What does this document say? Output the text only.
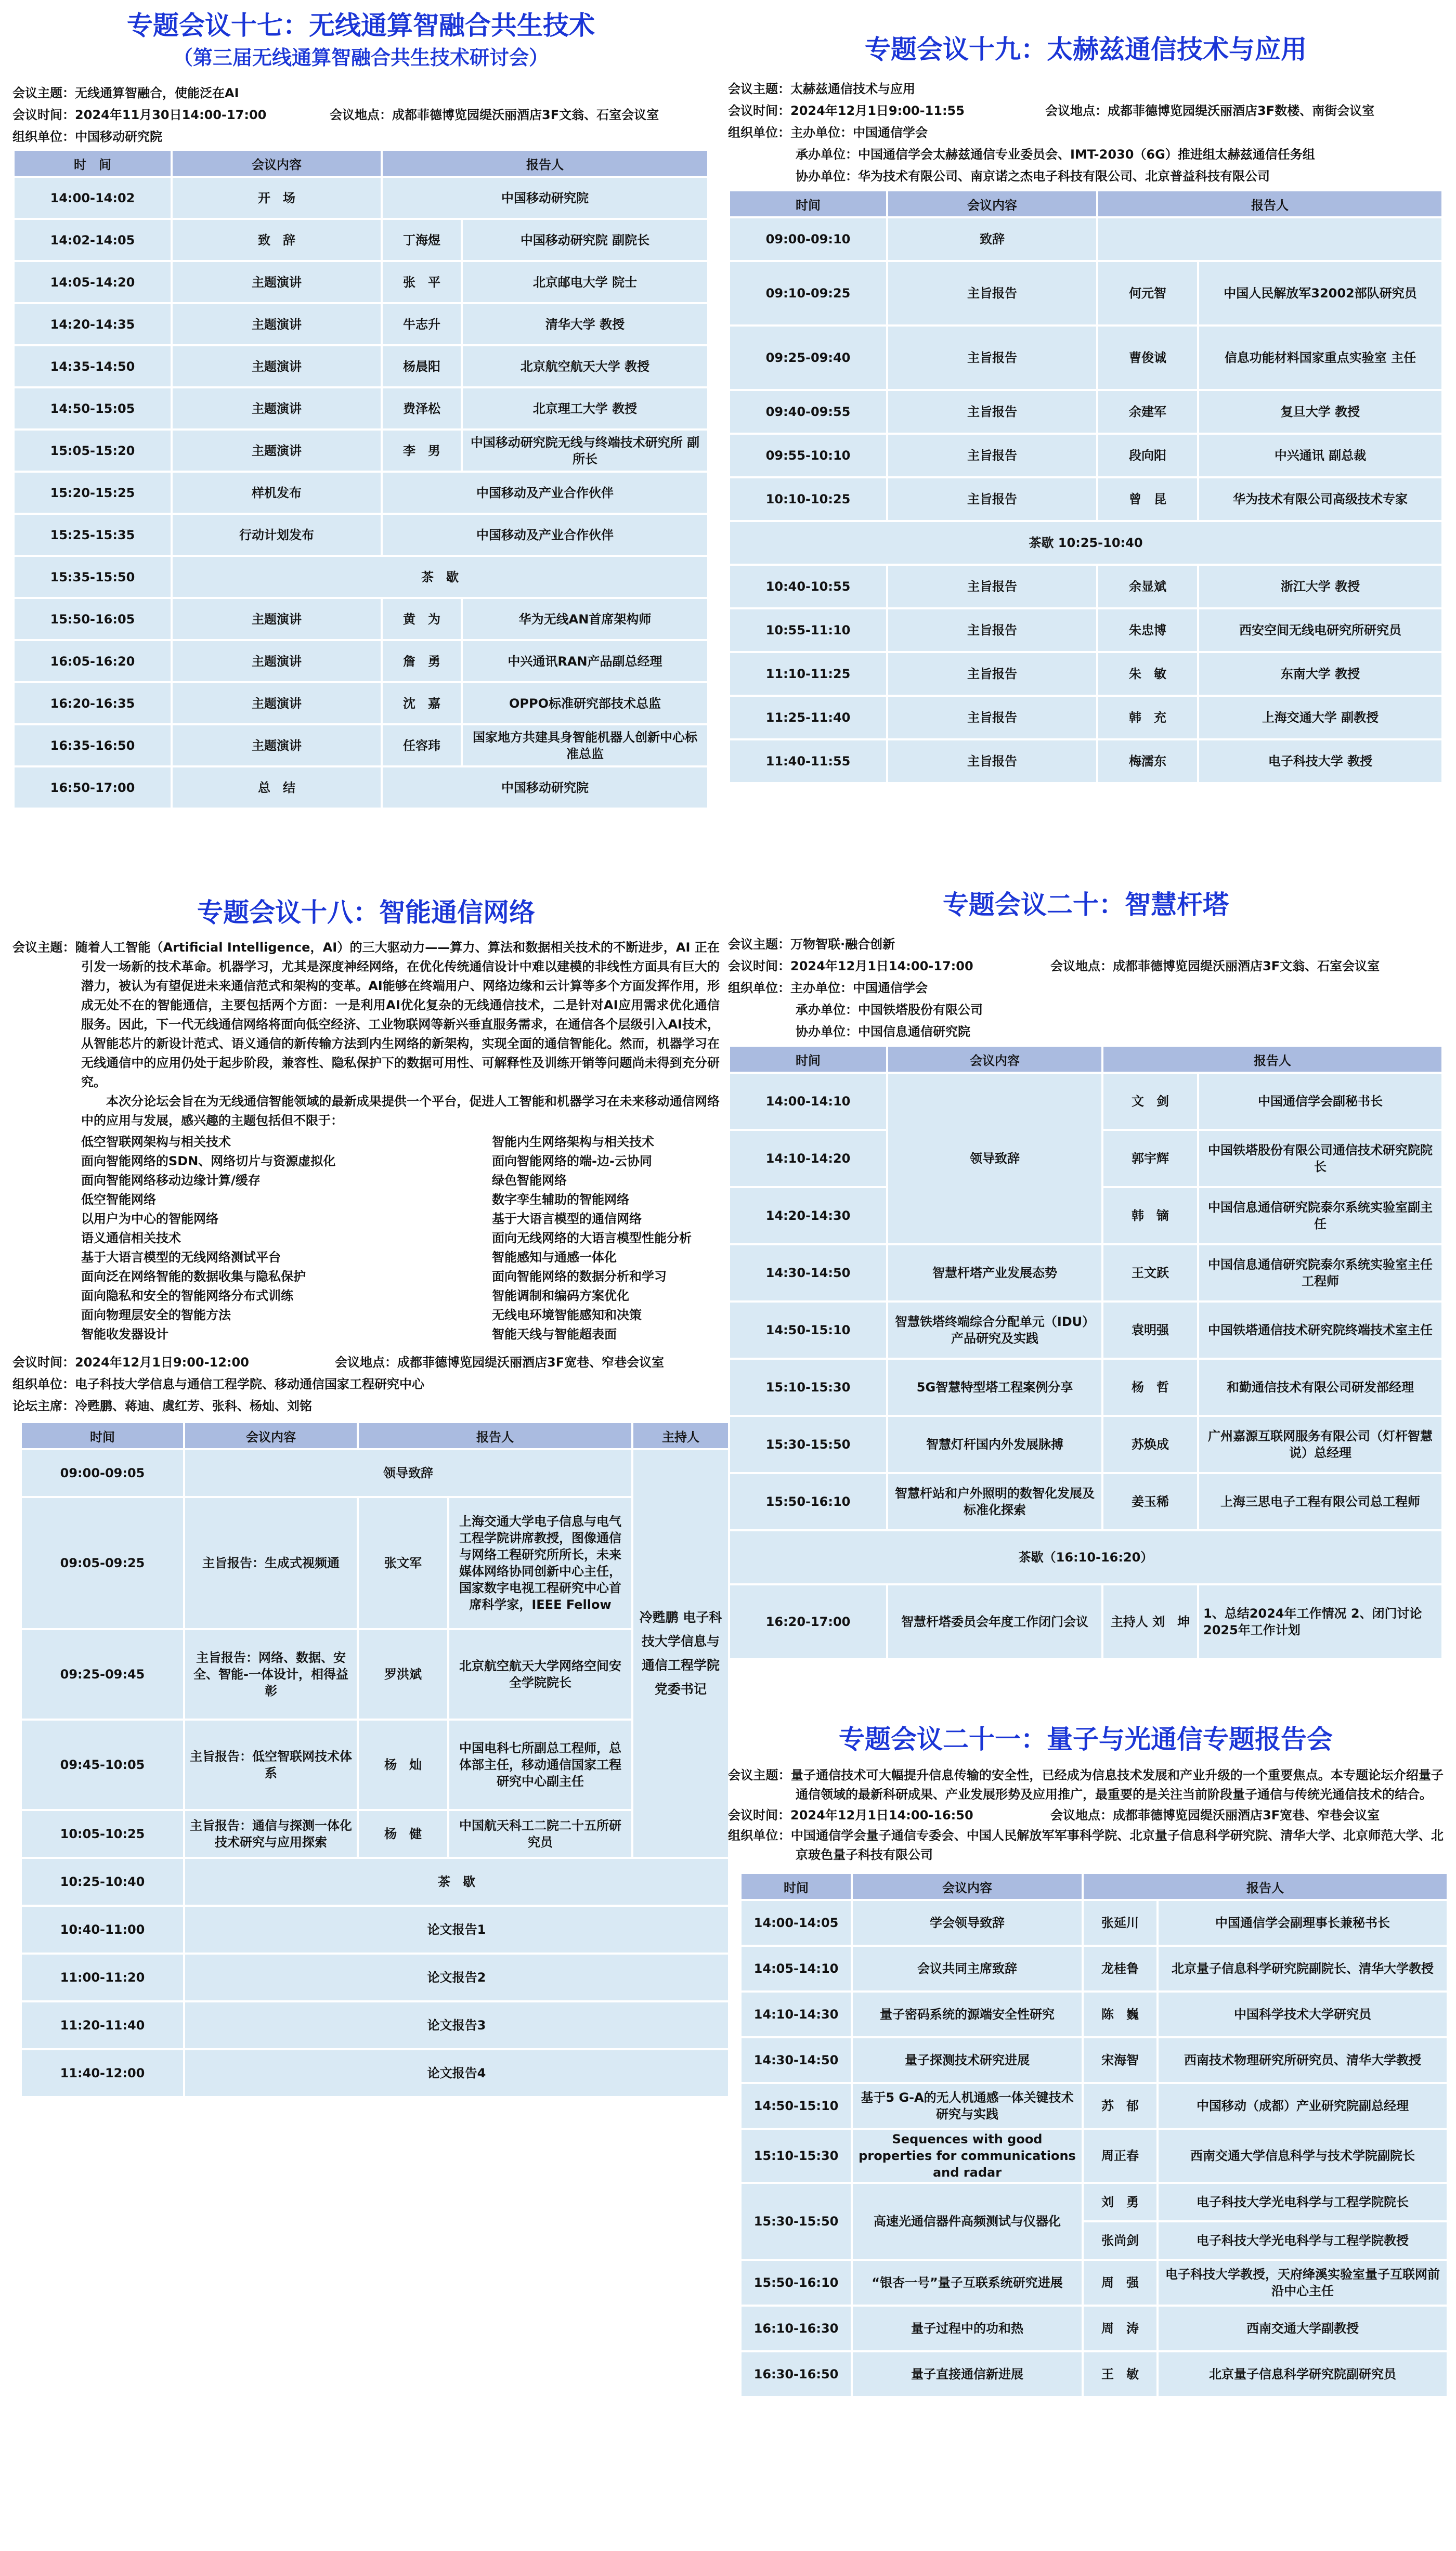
专题会议十七：无线通算智融合共生技术
（第三届无线通算智融合共生技术研讨会）
会议主题：无线通算智融合，使能泛在AI
会议时间：2024年11月30日14:00-17:00	会议地点：成都菲德博览园缇沃丽酒店3F文翁、石室会议室
组织单位：中国移动研究院
时　间	会议内容	报告人	
14:00-14:02	开　场	中国移动研究院	
14:02-14:05	致　辞	丁海煜	中国移动研究院 副院长
14:05-14:20	主题演讲	张　平	北京邮电大学 院士
14:20-14:35	主题演讲	牛志升	清华大学 教授
14:35-14:50	主题演讲	杨晨阳	北京航空航天大学 教授
14:50-15:05	主题演讲	费泽松	北京理工大学 教授
15:05-15:20	主题演讲	李　男	中国移动研究院无线与终端技术研究所 副所长
15:20-15:25	样机发布	中国移动及产业合作伙伴	
15:25-15:35	行动计划发布	中国移动及产业合作伙伴	
15:35-15:50	茶　歇		
15:50-16:05	主题演讲	黄　为	华为无线AN首席架构师
16:05-16:20	主题演讲	詹　勇	中兴通讯RAN产品副总经理
16:20-16:35	主题演讲	沈　嘉	OPPO标准研究部技术总监
16:35-16:50	主题演讲	任容玮	国家地方共建具身智能机器人创新中心标准总监
16:50-17:00	总　结	中国移动研究院	
专题会议十九：太赫兹通信技术与应用
会议主题：太赫兹通信技术与应用
会议时间：2024年12月1日9:00-11:55	会议地点：成都菲德博览园缇沃丽酒店3F数楼、南街会议室
组织单位：主办单位：中国通信学会
承办单位：中国通信学会太赫兹通信专业委员会、IMT-2030（6G）推进组太赫兹通信任务组
协办单位：华为技术有限公司、南京诺之杰电子科技有限公司、北京普益科技有限公司
时间	会议内容	报告人	
09:00-09:10	致辞		
09:10-09:25	主旨报告	何元智	中国人民解放军32002部队研究员
09:25-09:40	主旨报告	曹俊诚	信息功能材料国家重点实验室 主任
09:40-09:55	主旨报告	余建军	复旦大学 教授
09:55-10:10	主旨报告	段向阳	中兴通讯 副总裁
10:10-10:25	主旨报告	曾　昆	华为技术有限公司高级技术专家
茶歇 10:25-10:40			
10:40-10:55	主旨报告	余显斌	浙江大学 教授
10:55-11:10	主旨报告	朱忠博	西安空间无线电研究所研究员
11:10-11:25	主旨报告	朱　敏	东南大学 教授
11:25-11:40	主旨报告	韩　充	上海交通大学 副教授
11:40-11:55	主旨报告	梅濡东	电子科技大学 教授
专题会议十八：智能通信网络
会议主题：随着人工智能（Artificial Intelligence，AI）的三大驱动力——算力、算法和数据相关技术的不断进步，AI 正在引发一场新的技术革命。机器学习，尤其是深度神经网络，在优化传统通信设计中难以建模的非线性方面具有巨大的潜力，被认为有望促进未来通信范式和架构的变革。AI能够在终端用户、网络边缘和云计算等多个方面发挥作用，形成无处不在的智能通信，主要包括两个方面：一是利用AI优化复杂的无线通信技术，二是针对AI应用需求优化通信服务。因此，下一代无线通信网络将面向低空经济、工业物联网等新兴垂直服务需求，在通信各个层级引入AI技术，从智能芯片的新设计范式、语义通信的新传输方法到内生网络的新架构，实现全面的通信智能化。然而，机器学习在无线通信中的应用仍处于起步阶段，兼容性、隐私保护下的数据可用性、可解释性及训练开销等问题尚未得到充分研究。
本次分论坛会旨在为无线通信智能领域的最新成果提供一个平台，促进人工智能和机器学习在未来移动通信网络中的应用与发展，感兴趣的主题包括但不限于：
低空智联网架构与相关技术	智能内生网络架构与相关技术
面向智能网络的SDN、网络切片与资源虚拟化	面向智能网络的端-边-云协同
面向智能网络移动边缘计算/缓存	绿色智能网络
低空智能网络	数字孪生辅助的智能网络
以用户为中心的智能网络	基于大语言模型的通信网络
语义通信相关技术	面向无线网络的大语言模型性能分析
基于大语言模型的无线网络测试平台	智能感知与通感一体化
面向泛在网络智能的数据收集与隐私保护	面向智能网络的数据分析和学习
面向隐私和安全的智能网络分布式训练	智能调制和编码方案优化
面向物理层安全的智能方法	无线电环境智能感知和决策
智能收发器设计	智能天线与智能超表面
会议时间：2024年12月1日9:00-12:00	会议地点：成都菲德博览园缇沃丽酒店3F宽巷、窄巷会议室
组织单位：电子科技大学信息与通信工程学院、移动通信国家工程研究中心
论坛主席：冷甦鹏、蒋迪、虞红芳、张科、杨灿、刘铭
时间	会议内容	报告人		主持人
09:00-09:05	领导致辞			冷甦鹏 电子科技大学信息与通信工程学院党委书记
09:05-09:25	主旨报告：生成式视频通	张文军	上海交通大学电子信息与电气工程学院讲席教授，图像通信与网络工程研究所所长，未来媒体网络协同创新中心主任，国家数字电视工程研究中心首席科学家，IEEE Fellow	
09:25-09:45	主旨报告：网络、数据、安全、智能-一体设计，相得益彰	罗洪斌	北京航空航天大学网络空间安全学院院长	
09:45-10:05	主旨报告：低空智联网技术体系	杨　灿	中国电科七所副总工程师，总体部主任，移动通信国家工程研究中心副主任	
10:05-10:25	主旨报告：通信与探测一体化技术研究与应用探索	杨　健	中国航天科工二院二十五所研究员	
10:25-10:40	茶　歇			
10:40-11:00	论文报告1			
11:00-11:20	论文报告2			
11:20-11:40	论文报告3			
11:40-12:00	论文报告4			
专题会议二十：智慧杆塔
会议主题：万物智联·融合创新
会议时间：2024年12月1日14:00-17:00	会议地点：成都菲德博览园缇沃丽酒店3F文翁、石室会议室
组织单位：主办单位：中国通信学会
承办单位：中国铁塔股份有限公司
协办单位：中国信息通信研究院
时间	会议内容	报告人	
14:00-14:10	领导致辞	文　剑	中国通信学会副秘书长
14:10-14:20		郭宇辉	中国铁塔股份有限公司通信技术研究院院长
14:20-14:30		韩　镝	中国信息通信研究院泰尔系统实验室副主任
14:30-14:50	智慧杆塔产业发展态势	王文跃	中国信息通信研究院泰尔系统实验室主任工程师
14:50-15:10	智慧铁塔终端综合分配单元（IDU）产品研究及实践	袁明强	中国铁塔通信技术研究院终端技术室主任
15:10-15:30	5G智慧特型塔工程案例分享	杨　哲	和勤通信技术有限公司研发部经理
15:30-15:50	智慧灯杆国内外发展脉搏	苏焕成	广州嘉源互联网服务有限公司（灯杆智慧说）总经理
15:50-16:10	智慧杆站和户外照明的数智化发展及标准化探索	姜玉稀	上海三思电子工程有限公司总工程师
茶歇（16:10-16:20）			
16:20-17:00	智慧杆塔委员会年度工作闭门会议	主持人 刘　坤	1、总结2024年工作情况 2、闭门讨论2025年工作计划
专题会议二十一：量子与光通信专题报告会
会议主题：量子通信技术可大幅提升信息传输的安全性，已经成为信息技术发展和产业升级的一个重要焦点。本专题论坛介绍量子通信领域的最新科研成果、产业发展形势及应用推广，最重要的是关注当前阶段量子通信与传统光通信技术的结合。
会议时间：2024年12月1日14:00-16:50	会议地点：成都菲德博览园缇沃丽酒店3F宽巷、窄巷会议室
组织单位：中国通信学会量子通信专委会、中国人民解放军军事科学院、北京量子信息科学研究院、清华大学、北京师范大学、北京玻色量子科技有限公司
时间	会议内容	报告人	
14:00-14:05	学会领导致辞	张延川	中国通信学会副理事长兼秘书长
14:05-14:10	会议共同主席致辞	龙桂鲁	北京量子信息科学研究院副院长、清华大学教授
14:10-14:30	量子密码系统的源端安全性研究	陈　巍	中国科学技术大学研究员
14:30-14:50	量子探测技术研究进展	宋海智	西南技术物理研究所研究员、清华大学教授
14:50-15:10	基于5 G-A的无人机通感一体关键技术研究与实践	苏　郁	中国移动（成都）产业研究院副总经理
15:10-15:30	Sequences with good properties for communications and radar	周正春	西南交通大学信息科学与技术学院副院长
15:30-15:50	高速光通信器件高频测试与仪器化	刘　勇	电子科技大学光电科学与工程学院院长
		张尚剑	电子科技大学光电科学与工程学院教授
15:50-16:10	“银杏一号”量子互联系统研究进展	周　强	电子科技大学教授，天府绛溪实验室量子互联网前沿中心主任
16:10-16:30	量子过程中的功和热	周　涛	西南交通大学副教授
16:30-16:50	量子直接通信新进展	王　敏	北京量子信息科学研究院副研究员
